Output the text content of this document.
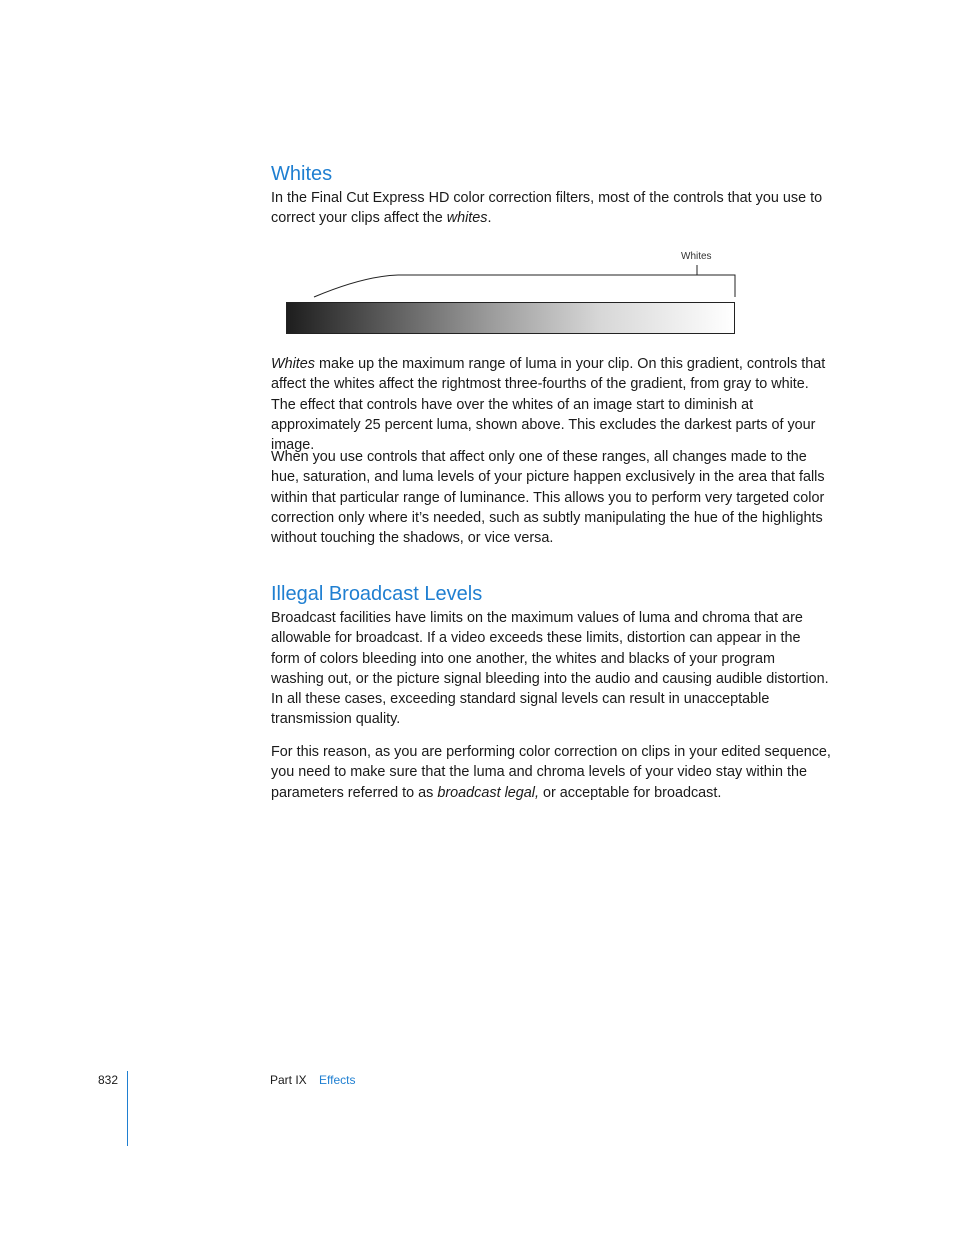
Whites

In the Final Cut Express HD color correction filters, most of the controls that you use to correct your clips affect the whites.

Whites

Whites make up the maximum range of luma in your clip. On this gradient, controls that affect the whites affect the rightmost three-fourths of the gradient, from gray to white. The effect that controls have over the whites of an image start to diminish at approximately 25 percent luma, shown above. This excludes the darkest parts of your image.

When you use controls that affect only one of these ranges, all changes made to the hue, saturation, and luma levels of your picture happen exclusively in the area that falls within that particular range of luminance. This allows you to perform very targeted color correction only where it’s needed, such as subtly manipulating the hue of the highlights without touching the shadows, or vice versa.

Illegal Broadcast Levels

Broadcast facilities have limits on the maximum values of luma and chroma that are allowable for broadcast. If a video exceeds these limits, distortion can appear in the form of colors bleeding into one another, the whites and blacks of your program washing out, or the picture signal bleeding into the audio and causing audible distortion. In all these cases, exceeding standard signal levels can result in unacceptable transmission quality.

For this reason, as you are performing color correction on clips in your edited sequence, you need to make sure that the luma and chroma levels of your video stay within the parameters referred to as broadcast legal, or acceptable for broadcast.

832	Part IX Effects
